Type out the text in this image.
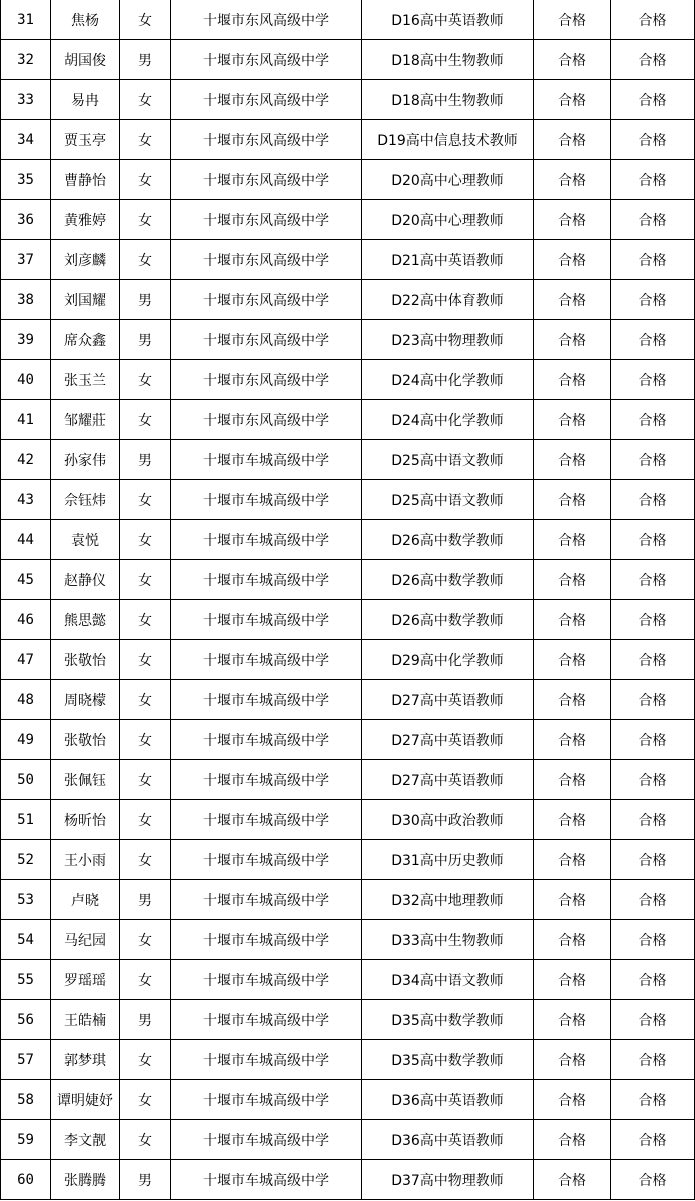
31	焦杨	女	十堰市东风高级中学	D16高中英语教师	合格	合格
32	胡国俊	男	十堰市东风高级中学	D18高中生物教师	合格	合格
33	易冉	女	十堰市东风高级中学	D18高中生物教师	合格	合格
34	贾玉亭	女	十堰市东风高级中学	D19高中信息技术教师	合格	合格
35	曹静怡	女	十堰市东风高级中学	D20高中心理教师	合格	合格
36	黄雅婷	女	十堰市东风高级中学	D20高中心理教师	合格	合格
37	刘彦麟	女	十堰市东风高级中学	D21高中英语教师	合格	合格
38	刘国耀	男	十堰市东风高级中学	D22高中体育教师	合格	合格
39	席众鑫	男	十堰市东风高级中学	D23高中物理教师	合格	合格
40	张玉兰	女	十堰市东风高级中学	D24高中化学教师	合格	合格
41	邹耀莊	女	十堰市东风高级中学	D24高中化学教师	合格	合格
42	孙家伟	男	十堰市车城高级中学	D25高中语文教师	合格	合格
43	佘钰炜	女	十堰市车城高级中学	D25高中语文教师	合格	合格
44	袁悦	女	十堰市车城高级中学	D26高中数学教师	合格	合格
45	赵静仪	女	十堰市车城高级中学	D26高中数学教师	合格	合格
46	熊思懿	女	十堰市车城高级中学	D26高中数学教师	合格	合格
47	张敬怡	女	十堰市车城高级中学	D29高中化学教师	合格	合格
48	周晓檬	女	十堰市车城高级中学	D27高中英语教师	合格	合格
49	张敬怡	女	十堰市车城高级中学	D27高中英语教师	合格	合格
50	张佩钰	女	十堰市车城高级中学	D27高中英语教师	合格	合格
51	杨昕怡	女	十堰市车城高级中学	D30高中政治教师	合格	合格
52	王小雨	女	十堰市车城高级中学	D31高中历史教师	合格	合格
53	卢晓	男	十堰市车城高级中学	D32高中地理教师	合格	合格
54	马纪园	女	十堰市车城高级中学	D33高中生物教师	合格	合格
55	罗瑶瑶	女	十堰市车城高级中学	D34高中语文教师	合格	合格
56	王皓楠	男	十堰市车城高级中学	D35高中数学教师	合格	合格
57	郭梦琪	女	十堰市车城高级中学	D35高中数学教师	合格	合格
58	谭明婕妤	女	十堰市车城高级中学	D36高中英语教师	合格	合格
59	李文靓	女	十堰市车城高级中学	D36高中英语教师	合格	合格
60	张腾腾	男	十堰市车城高级中学	D37高中物理教师	合格	合格
